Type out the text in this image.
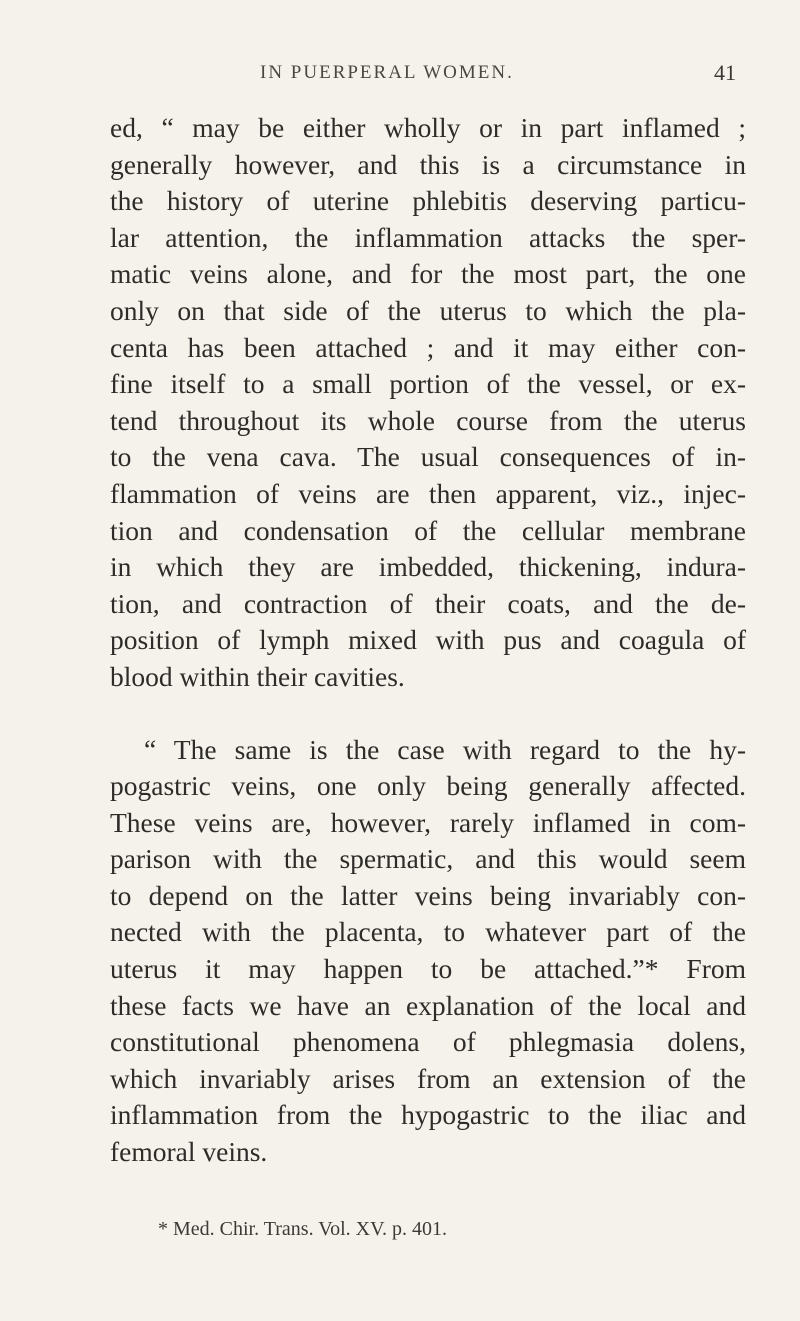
IN PUERPERAL WOMEN.	41
ed, “ may be either wholly or in part inflamed ;
generally however, and this is a circumstance in
the history of uterine phlebitis deserving particu-
lar attention, the inflammation attacks the sper-
matic veins alone, and for the most part, the one
only on that side of the uterus to which the pla-
centa has been attached ; and it may either con-
fine itself to a small portion of the vessel, or ex-
tend throughout its whole course from the uterus
to the vena cava. The usual consequences of in-
flammation of veins are then apparent, viz., injec-
tion and condensation of the cellular membrane
in which they are imbedded, thickening, indura-
tion, and contraction of their coats, and the de-
position of lymph mixed with pus and coagula of
blood within their cavities.
“ The same is the case with regard to the hy-
pogastric veins, one only being generally affected.
These veins are, however, rarely inflamed in com-
parison with the spermatic, and this would seem
to depend on the latter veins being invariably con-
nected with the placenta, to whatever part of the
uterus it may happen to be attached.”* From
these facts we have an explanation of the local and
constitutional phenomena of phlegmasia dolens,
which invariably arises from an extension of the
inflammation from the hypogastric to the iliac and
femoral veins.
* Med. Chir. Trans. Vol. XV. p. 401.
